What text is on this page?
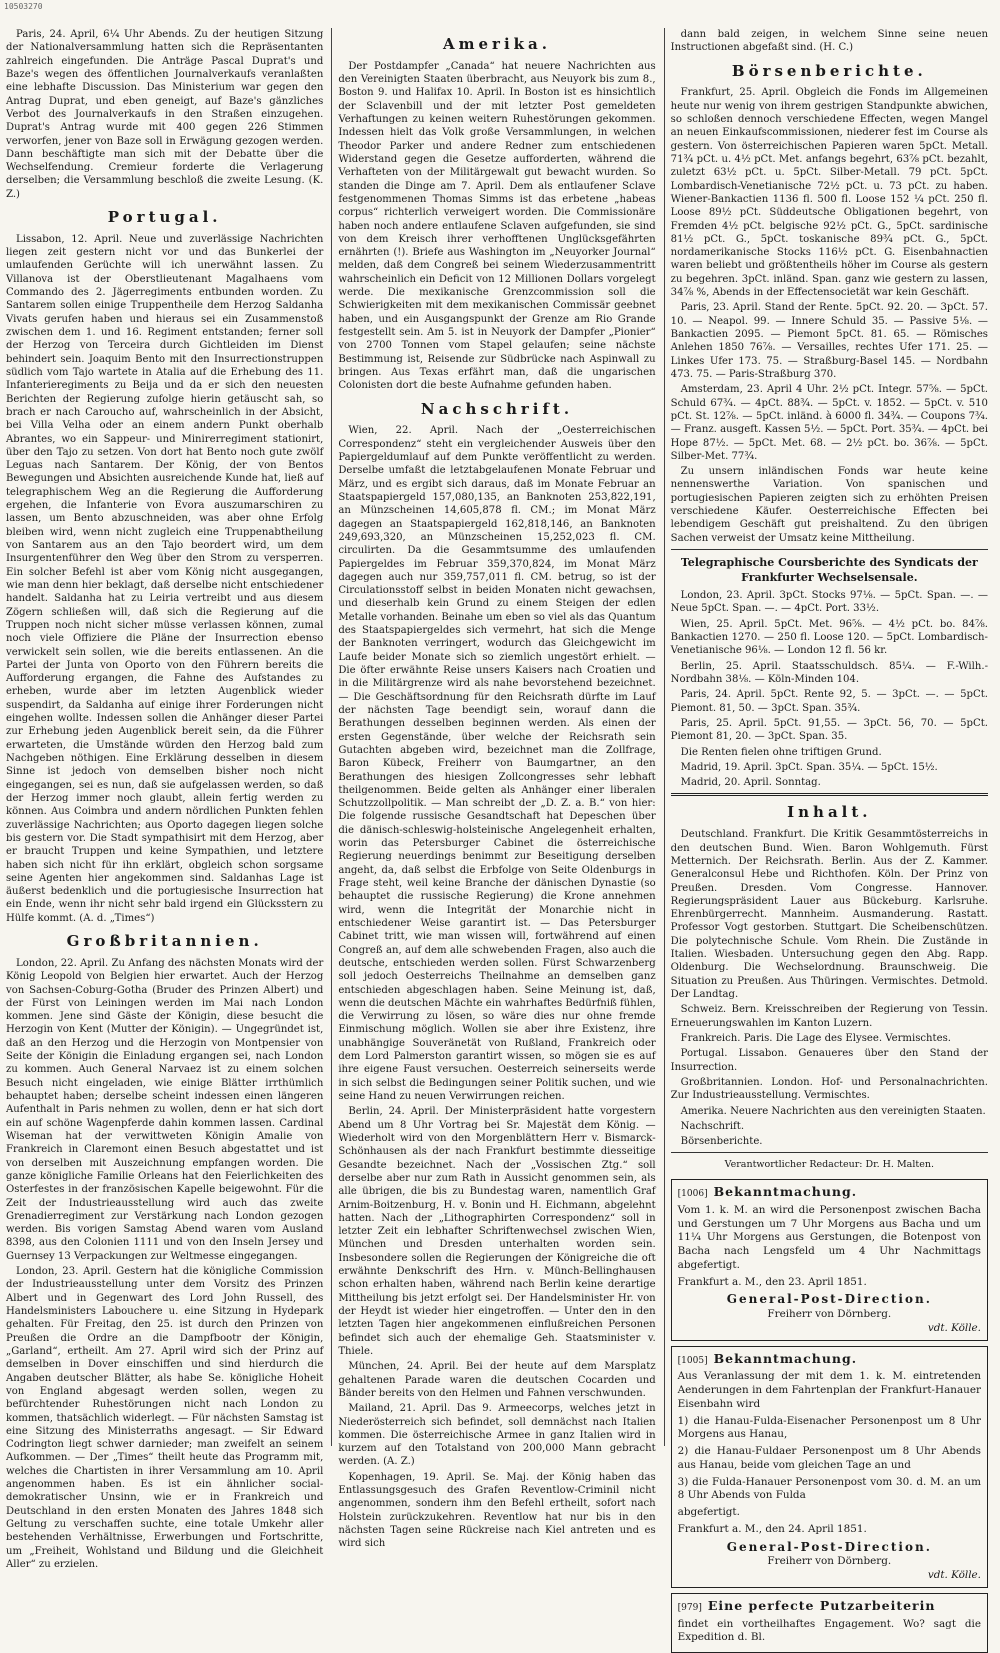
10503270

Paris, 24. April, 6¼ Uhr Abends. Zu der heutigen Sitzung der Nationalversammlung hatten sich die Repräsentanten zahlreich eingefunden. Die Anträge Pascal Duprat's und Baze's wegen des öffentlichen Journalverkaufs veranlaßten eine lebhafte Discussion. Das Ministerium war gegen den Antrag Duprat, und eben geneigt, auf Baze's gänzliches Verbot des Journalverkaufs in den Straßen einzugehen. Duprat's Antrag wurde mit 400 gegen 226 Stimmen verworfen, jener von Baze soll in Erwägung gezogen werden. Dann beschäftigte man sich mit der Debatte über die Wechselfendung. Cremieur forderte die Verlagerung derselben; die Versammlung beschloß die zweite Lesung. (K. Z.)

Portugal.

Lissabon, 12. April. Neue und zuverlässige Nachrichten liegen zeit gestern nicht vor und das Bunkerlei der umlaufenden Gerüchte will ich unerwähnt lassen. Zu Villanova ist der Oberstlieutenant Magalhaens vom Commando des 2. Jägerregiments entbunden worden. Zu Santarem sollen einige Truppentheile dem Herzog Saldanha Vivats gerufen haben und hieraus sei ein Zusammenstoß zwischen dem 1. und 16. Regiment entstanden; ferner soll der Herzog von Terceira durch Gichtleiden im Dienst behindert sein. Joaquim Bento mit den Insurrectionstruppen südlich vom Tajo wartete in Atalia auf die Erhebung des 11. Infanterieregiments zu Beija und da er sich den neuesten Berichten der Regierung zufolge hierin getäuscht sah, so brach er nach Caroucho auf, wahrscheinlich in der Absicht, bei Villa Velha oder an einem andern Punkt oberhalb Abrantes, wo ein Sappeur- und Minirerregiment stationirt, über den Tajo zu setzen. Von dort hat Bento noch gute zwölf Leguas nach Santarem. Der König, der von Bentos Bewegungen und Absichten ausreichende Kunde hat, ließ auf telegraphischem Weg an die Regierung die Aufforderung ergehen, die Infanterie von Evora auszumarschiren zu lassen, um Bento abzuschneiden, was aber ohne Erfolg bleiben wird, wenn nicht zugleich eine Truppenabtheilung von Santarem aus an den Tajo beordert wird, um dem Insurgentenführer den Weg über den Strom zu versperren. Ein solcher Befehl ist aber vom König nicht ausgegangen, wie man denn hier beklagt, daß derselbe nicht entschiedener handelt. Saldanha hat zu Leiria vertreibt und aus diesem Zögern schließen will, daß sich die Regierung auf die Truppen noch nicht sicher müsse verlassen können, zumal noch viele Offiziere die Pläne der Insurrection ebenso verwickelt sein sollen, wie die bereits entlassenen. An die Partei der Junta von Oporto von den Führern bereits die Aufforderung ergangen, die Fahne des Aufstandes zu erheben, wurde aber im letzten Augenblick wieder suspendirt, da Saldanha auf einige ihrer Forderungen nicht eingehen wollte. Indessen sollen die Anhänger dieser Partei zur Erhebung jeden Augenblick bereit sein, da die Führer erwarteten, die Umstände würden den Herzog bald zum Nachgeben nöthigen. Eine Erklärung desselben in diesem Sinne ist jedoch von demselben bisher noch nicht eingegangen, sei es nun, daß sie aufgelassen werden, so daß der Herzog immer noch glaubt, allein fertig werden zu können. Aus Coimbra und andern nördlichen Punkten fehlen zuverlässige Nachrichten; aus Oporto dagegen liegen solche bis gestern vor. Die Stadt sympathisirt mit dem Herzog, aber er braucht Truppen und keine Sympathien, und letztere haben sich nicht für ihn erklärt, obgleich schon sorgsame seine Agenten hier angekommen sind. Saldanhas Lage ist äußerst bedenklich und die portugiesische Insurrection hat ein Ende, wenn ihr nicht sehr bald irgend ein Glücksstern zu Hülfe kommt. (A. d. „Times“)

Großbritannien.

London, 22. April. Zu Anfang des nächsten Monats wird der König Leopold von Belgien hier erwartet. Auch der Herzog von Sachsen-Coburg-Gotha (Bruder des Prinzen Albert) und der Fürst von Leiningen werden im Mai nach London kommen. Jene sind Gäste der Königin, diese besucht die Herzogin von Kent (Mutter der Königin). — Ungegründet ist, daß an den Herzog und die Herzogin von Montpensier von Seite der Königin die Einladung ergangen sei, nach London zu kommen. Auch General Narvaez ist zu einem solchen Besuch nicht eingeladen, wie einige Blätter irrthümlich behauptet haben; derselbe scheint indessen einen längeren Aufenthalt in Paris nehmen zu wollen, denn er hat sich dort ein auf schöne Wagenpferde dahin kommen lassen. Cardinal Wiseman hat der verwittweten Königin Amalie von Frankreich in Claremont einen Besuch abgestattet und ist von derselben mit Auszeichnung empfangen worden. Die ganze königliche Familie Orleans hat den Feierlichkeiten des Osterfestes in der französischen Kapelle beigewohnt. Für die Zeit der Industrieausstellung wird auch das zweite Grenadierregiment zur Verstärkung nach London gezogen werden. Bis vorigen Samstag Abend waren vom Ausland 8398, aus den Colonien 1111 und von den Inseln Jersey und Guernsey 13 Verpackungen zur Weltmesse eingegangen.

London, 23. April. Gestern hat die königliche Commission der Industrieausstellung unter dem Vorsitz des Prinzen Albert und in Gegenwart des Lord John Russell, des Handelsministers Labouchere u. eine Sitzung in Hydepark gehalten. Für Freitag, den 25. ist durch den Prinzen von Preußen die Ordre an die Dampfbootr der Königin, „Garland“, ertheilt. Am 27. April wird sich der Prinz auf demselben in Dover einschiffen und sind hierdurch die Angaben deutscher Blätter, als habe Se. königliche Hoheit von England abgesagt werden sollen, wegen zu befürchtender Ruhestörungen nicht nach London zu kommen, thatsächlich widerlegt. — Für nächsten Samstag ist eine Sitzung des Ministerraths angesagt. — Sir Edward Codrington liegt schwer darnieder; man zweifelt an seinem Aufkommen. — Der „Times“ theilt heute das Programm mit, welches die Chartisten in ihrer Versammlung am 10. April angenommen haben. Es ist ein ähnlicher social-demokratischer Unsinn, wie er in Frankreich und Deutschland in den ersten Monaten des Jahres 1848 sich Geltung zu verschaffen suchte, eine totale Umkehr aller bestehenden Verhältnisse, Erwerbungen und Fortschritte, um „Freiheit, Wohlstand und Bildung und die Gleichheit Aller“ zu erzielen.

Amerika.

Der Postdampfer „Canada“ hat neuere Nachrichten aus den Vereinigten Staaten überbracht, aus Neuyork bis zum 8., Boston 9. und Halifax 10. April. In Boston ist es hinsichtlich der Sclavenbill und der mit letzter Post gemeldeten Verhaftungen zu keinen weitern Ruhestörungen gekommen. Indessen hielt das Volk große Versammlungen, in welchen Theodor Parker und andere Redner zum entschiedenen Widerstand gegen die Gesetze aufforderten, während die Verhafteten von der Militärgewalt gut bewacht wurden. So standen die Dinge am 7. April. Dem als entlaufener Sclave festgenommenen Thomas Simms ist das erbetene „habeas corpus“ richterlich verweigert worden. Die Commissionäre haben noch andere entlaufene Sclaven aufgefunden, sie sind von dem Kreisch ihrer verhofftenen Unglücksgefährten ernährten (!). Briefe aus Washington im „Neuyorker Journal“ melden, daß dem Congreß bei seinem Wiederzusammentritt wahrscheinlich ein Deficit von 12 Millionen Dollars vorgelegt werde. Die mexikanische Grenzcommission soll die Schwierigkeiten mit dem mexikanischen Commissär geebnet haben, und ein Ausgangspunkt der Grenze am Rio Grande festgestellt sein. Am 5. ist in Neuyork der Dampfer „Pionier“ von 2700 Tonnen vom Stapel gelaufen; seine nächste Bestimmung ist, Reisende zur Südbrücke nach Aspinwall zu bringen. Aus Texas erfährt man, daß die ungarischen Colonisten dort die beste Aufnahme gefunden haben.

Nachschrift.

Wien, 22. April. Nach der „Oesterreichischen Correspondenz“ steht ein vergleichender Ausweis über den Papiergeldumlauf auf dem Punkte veröffentlicht zu werden. Derselbe umfaßt die letztabgelaufenen Monate Februar und März, und es ergibt sich daraus, daß im Monate Februar an Staatspapiergeld 157,080,135, an Banknoten 253,822,191, an Münzscheinen 14,605,878 fl. CM.; im Monat März dagegen an Staatspapiergeld 162,818,146, an Banknoten 249,693,320, an Münzscheinen 15,252,023 fl. CM. circulirten. Da die Gesammtsumme des umlaufenden Papiergeldes im Februar 359,370,824, im Monat März dagegen auch nur 359,757,011 fl. CM. betrug, so ist der Circulationsstoff selbst in beiden Monaten nicht gewachsen, und dieserhalb kein Grund zu einem Steigen der edlen Metalle vorhanden. Beinahe um eben so viel als das Quantum des Staatspapiergeldes sich vermehrt, hat sich die Menge der Banknoten verringert, wodurch das Gleichgewicht im Laufe beider Monate sich so ziemlich ungestört erhielt. — Die öfter erwähnte Reise unsers Kaisers nach Croatien und in die Militärgrenze wird als nahe bevorstehend bezeichnet. — Die Geschäftsordnung für den Reichsrath dürfte im Lauf der nächsten Tage beendigt sein, worauf dann die Berathungen desselben beginnen werden. Als einen der ersten Gegenstände, über welche der Reichsrath sein Gutachten abgeben wird, bezeichnet man die Zollfrage, Baron Kübeck, Freiherr von Baumgartner, an den Berathungen des hiesigen Zollcongresses sehr lebhaft theilgenommen. Beide gelten als Anhänger einer liberalen Schutzzollpolitik. — Man schreibt der „D. Z. a. B.“ von hier: Die folgende russische Gesandtschaft hat Depeschen über die dänisch-schleswig-holsteinische Angelegenheit erhalten, worin das Petersburger Cabinet die österreichische Regierung neuerdings benimmt zur Beseitigung derselben angeht, da, daß selbst die Erbfolge von Seite Oldenburgs in Frage steht, weil keine Branche der dänischen Dynastie (so behauptet die russische Regierung) die Krone annehmen wird, wenn die Integrität der Monarchie nicht in entschiedener Weise garantirt ist. — Das Petersburger Cabinet tritt, wie man wissen will, fortwährend auf einen Congreß an, auf dem alle schwebenden Fragen, also auch die deutsche, entschieden werden sollen. Fürst Schwarzenberg soll jedoch Oesterreichs Theilnahme an demselben ganz entschieden abgeschlagen haben. Seine Meinung ist, daß, wenn die deutschen Mächte ein wahrhaftes Bedürfniß fühlen, die Verwirrung zu lösen, so wäre dies nur ohne fremde Einmischung möglich. Wollen sie aber ihre Existenz, ihre unabhängige Souveränetät von Rußland, Frankreich oder dem Lord Palmerston garantirt wissen, so mögen sie es auf ihre eigene Faust versuchen. Oesterreich seinerseits werde in sich selbst die Bedingungen seiner Politik suchen, und wie seine Hand zu neuen Verwirrungen reichen.

Berlin, 24. April. Der Ministerpräsident hatte vorgestern Abend um 8 Uhr Vortrag bei Sr. Majestät dem König. — Wiederholt wird von den Morgenblättern Herr v. Bismarck-Schönhausen als der nach Frankfurt bestimmte diesseitige Gesandte bezeichnet. Nach der „Vossischen Ztg.“ soll derselbe aber nur zum Rath in Aussicht genommen sein, als alle übrigen, die bis zu Bundestag waren, namentlich Graf Arnim-Boitzenburg, H. v. Bonin und H. Eichmann, abgelehnt hatten. Nach der „Lithographirten Correspondenz“ soll in letzter Zeit ein lebhafter Schriftenwechsel zwischen Wien, München und Dresden unterhalten worden sein. Insbesondere sollen die Regierungen der Königreiche die oft erwähnte Denkschrift des Hrn. v. Münch-Bellinghausen schon erhalten haben, während nach Berlin keine derartige Mittheilung bis jetzt erfolgt sei. Der Handelsminister Hr. von der Heydt ist wieder hier eingetroffen. — Unter den in den letzten Tagen hier angekommenen einflußreichen Personen befindet sich auch der ehemalige Geh. Staatsminister v. Thiele.

München, 24. April. Bei der heute auf dem Marsplatz gehaltenen Parade waren die deutschen Cocarden und Bänder bereits von den Helmen und Fahnen verschwunden.

Mailand, 21. April. Das 9. Armeecorps, welches jetzt in Niederösterreich sich befindet, soll demnächst nach Italien kommen. Die österreichische Armee in ganz Italien wird in kurzem auf den Totalstand von 200,000 Mann gebracht werden. (A. Z.)

Kopenhagen, 19. April. Se. Maj. der König haben das Entlassungsgesuch des Grafen Reventlow-Criminil nicht angenommen, sondern ihm den Befehl ertheilt, sofort nach Holstein zurückzukehren. Reventlow hat nur bis in den nächsten Tagen seine Rückreise nach Kiel antreten und es wird sich

dann bald zeigen, in welchem Sinne seine neuen Instructionen abgefaßt sind. (H. C.)

Börsenberichte.

Frankfurt, 25. April. Obgleich die Fonds im Allgemeinen heute nur wenig von ihrem gestrigen Standpunkte abwichen, so schloßen dennoch verschiedene Effecten, wegen Mangel an neuen Einkaufscommissionen, niederer fest im Course als gestern. Von österreichischen Papieren waren 5pCt. Metall. 71¾ pCt. u. 4½ pCt. Met. anfangs begehrt, 63⅞ pCt. bezahlt, zuletzt 63½ pCt. u. 5pCt. Silber-Metall. 79 pCt. 5pCt. Lombardisch-Venetianische 72½ pCt. u. 73 pCt. zu haben. Wiener-Bankactien 1136 fl. 500 fl. Loose 152 ¼ pCt. 250 fl. Loose 89½ pCt. Süddeutsche Obligationen begehrt, von Fremden 4½ pCt. belgische 92½ pCt. G., 5pCt. sardinische 81½ pCt. G., 5pCt. toskanische 89¾ pCt. G., 5pCt. nordamerikanische Stocks 116½ pCt. G. Eisenbahnactien waren beliebt und größtentheils höher im Course als gestern zu begehren. 3pCt. inländ. Span. ganz wie gestern zu lassen, 34⅞ %, Abends in der Effectensocietät war kein Geschäft.

Paris, 23. April. Stand der Rente. 5pCt. 92. 20. — 3pCt. 57. 10. — Neapol. 99. — Innere Schuld 35. — Passive 5⅛. — Bankactien 2095. — Piemont 5pCt. 81. 65. — Römisches Anlehen 1850 76⅞. — Versailles, rechtes Ufer 171. 25. — Linkes Ufer 173. 75. — Straßburg-Basel 145. — Nordbahn 473. 75. — Paris-Straßburg 370.

Amsterdam, 23. April 4 Uhr. 2½ pCt. Integr. 57⅝. — 5pCt. Schuld 67¾. — 4pCt. 88¾. — 5pCt. v. 1852. — 5pCt. v. 510 pCt. St. 12⅞. — 5pCt. inländ. à 6000 fl. 34¾. — Coupons 7¾. — Franz. ausgeft. Kassen 5½. — 5pCt. Port. 35¾. — 4pCt. bei Hope 87½. — 5pCt. Met. 68. — 2½ pCt. bo. 36⅞. — 5pCt. Silber-Met. 77¾.

Zu unsern inländischen Fonds war heute keine nennenswerthe Variation. Von spanischen und portugiesischen Papieren zeigten sich zu erhöhten Preisen verschiedene Käufer. Oesterreichische Effecten bei lebendigem Geschäft gut preishaltend. Zu den übrigen Sachen verweist der Umsatz keine Mittheilung.

Telegraphische Coursberichte des Syndicats der Frankfurter Wechselsensale.

London, 23. April. 3pCt. Stocks 97⅛. — 5pCt. Span. —. — Neue 5pCt. Span. —. — 4pCt. Port. 33½.

Wien, 25. April. 5pCt. Met. 96⅝. — 4½ pCt. bo. 84⅞. Bankactien 1270. — 250 fl. Loose 120. — 5pCt. Lombardisch-Venetianische 96⅛. — London 12 fl. 56 kr.

Berlin, 25. April. Staatsschuldsch. 85¼. — F.-Wilh.-Nordbahn 38⅛. — Köln-Minden 104.

Paris, 24. April. 5pCt. Rente 92, 5. — 3pCt. —. — 5pCt. Piemont. 81, 50. — 3pCt. Span. 35¾.

Paris, 25. April. 5pCt. 91,55. — 3pCt. 56, 70. — 5pCt. Piemont 81, 20. — 3pCt. Span. 35.

Die Renten fielen ohne triftigen Grund.

Madrid, 19. April. 3pCt. Span. 35¼. — 5pCt. 15½.

Madrid, 20. April. Sonntag.

Inhalt.

Deutschland. Frankfurt. Die Kritik Gesammtösterreichs in den deutschen Bund. Wien. Baron Wohlgemuth. Fürst Metternich. Der Reichsrath. Berlin. Aus der Z. Kammer. Generalconsul Hebe und Richthofen. Köln. Der Prinz von Preußen. Dresden. Vom Congresse. Hannover. Regierungspräsident Lauer aus Bückeburg. Karlsruhe. Ehrenbürgerrecht. Mannheim. Ausmanderung. Rastatt. Professor Vogt gestorben. Stuttgart. Die Scheibenschützen. Die polytechnische Schule. Vom Rhein. Die Zustände in Italien. Wiesbaden. Untersuchung gegen den Abg. Rapp. Oldenburg. Die Wechselordnung. Braunschweig. Die Situation zu Preußen. Aus Thüringen. Vermischtes. Detmold. Der Landtag.

Schweiz. Bern. Kreisschreiben der Regierung von Tessin. Erneuerungswahlen im Kanton Luzern.

Frankreich. Paris. Die Lage des Elysee. Vermischtes.

Portugal. Lissabon. Genaueres über den Stand der Insurrection.

Großbritannien. London. Hof- und Personalnachrichten. Zur Industrieausstellung. Vermischtes.

Amerika. Neuere Nachrichten aus den vereinigten Staaten.

Nachschrift.

Börsenberichte.

Verantwortlicher Redacteur: Dr. H. Malten.
[1006] Bekanntmachung.

Vom 1. k. M. an wird die Personenpost zwischen Bacha und Gerstungen um 7 Uhr Morgens aus Bacha und um 11¼ Uhr Morgens aus Gerstungen, die Botenpost von Bacha nach Lengsfeld um 4 Uhr Nachmittags abgefertigt.

Frankfurt a. M., den 23. April 1851.

General-Post-Direction.
Freiherr von Dörnberg.
vdt. Kölle.
[1005] Bekanntmachung.

Aus Veranlassung der mit dem 1. k. M. eintretenden Aenderungen in dem Fahrtenplan der Frankfurt-Hanauer Eisenbahn wird

1) die Hanau-Fulda-Eisenacher Personenpost um 8 Uhr Morgens aus Hanau,

2) die Hanau-Fuldaer Personenpost um 8 Uhr Abends aus Hanau, beide vom gleichen Tage an und

3) die Fulda-Hanauer Personenpost vom 30. d. M. an um 8 Uhr Abends von Fulda

abgefertigt.

Frankfurt a. M., den 24. April 1851.

General-Post-Direction.
Freiherr von Dörnberg.
vdt. Kölle.
[979] Eine perfecte Putzarbeiterin

findet ein vortheilhaftes Engagement. Wo? sagt die Expedition d. Bl.
